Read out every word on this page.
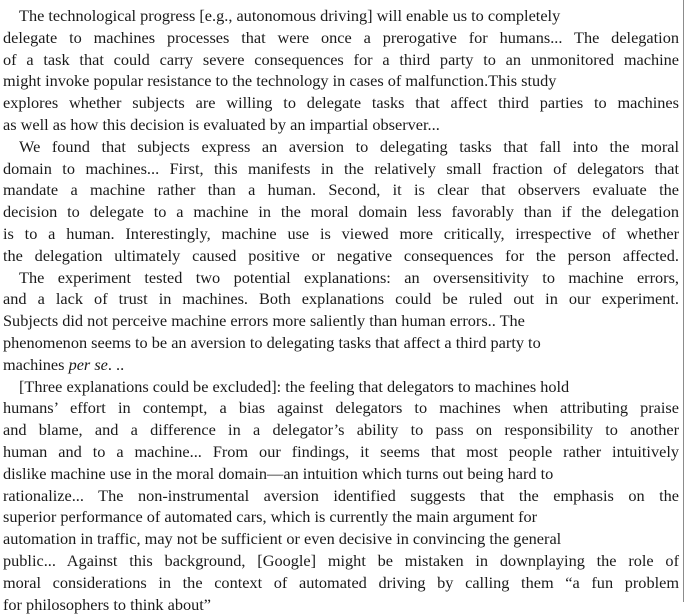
The technological progress [e.g., autonomous driving] will enable us to completely
delegate to machines processes that were once a prerogative for humans... The delegation
of a task that could carry severe consequences for a third party to an unmonitored machine
might invoke popular resistance to the technology in cases of malfunction.This study
explores whether subjects are willing to delegate tasks that affect third parties to machines
as well as how this decision is evaluated by an impartial observer...
We found that subjects express an aversion to delegating tasks that fall into the moral
domain to machines... First, this manifests in the relatively small fraction of delegators that
mandate a machine rather than a human. Second, it is clear that observers evaluate the
decision to delegate to a machine in the moral domain less favorably than if the delegation
is to a human. Interestingly, machine use is viewed more critically, irrespective of whether
the delegation ultimately caused positive or negative consequences for the person affected.
The experiment tested two potential explanations: an oversensitivity to machine errors,
and a lack of trust in machines. Both explanations could be ruled out in our experiment.
Subjects did not perceive machine errors more saliently than human errors.. The
phenomenon seems to be an aversion to delegating tasks that affect a third party to
machines per se. ..
[Three explanations could be excluded]: the feeling that delegators to machines hold
humans’ effort in contempt, a bias against delegators to machines when attributing praise
and blame, and a difference in a delegator’s ability to pass on responsibility to another
human and to a machine... From our findings, it seems that most people rather intuitively
dislike machine use in the moral domain—an intuition which turns out being hard to
rationalize... The non-instrumental aversion identified suggests that the emphasis on the
superior performance of automated cars, which is currently the main argument for
automation in traffic, may not be sufficient or even decisive in convincing the general
public... Against this background, [Google] might be mistaken in downplaying the role of
moral considerations in the context of automated driving by calling them “a fun problem
for philosophers to think about”
